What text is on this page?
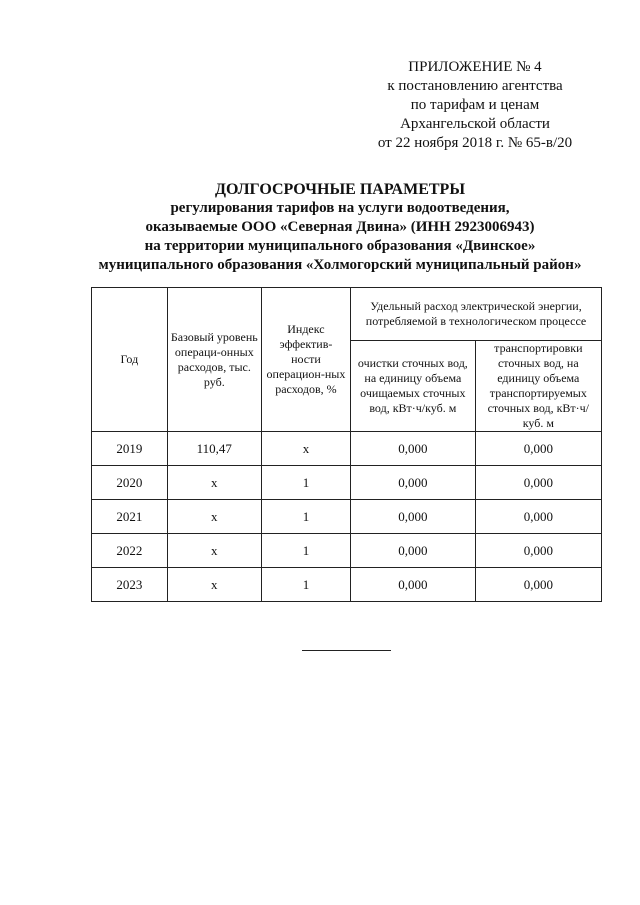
ПРИЛОЖЕНИЕ № 4
к постановлению агентства
по тарифам и ценам
Архангельской области
от 22 ноября 2018 г. № 65-в/20
ДОЛГОСРОЧНЫЕ ПАРАМЕТРЫ
регулирования тарифов на услуги водоотведения,
оказываемые ООО «Северная Двина» (ИНН 2923006943)
на территории муниципального образования «Двинское»
муниципального образования «Холмогорский муниципальный район»
Год	Базовый уровень операци-онных расходов, тыс. руб.	Индекс эффектив-ности операцион-ных расходов, %	Удельный расход электрической энергии, потребляемой в технологическом процессе	
			очистки сточных вод, на единицу объема очищаемых сточных вод, кВт·ч/куб. м	транспортировки сточных вод, на единицу объема транспортируемых сточных вод, кВт·ч/куб. м
2019	110,47	х	0,000	0,000
2020	х	1	0,000	0,000
2021	х	1	0,000	0,000
2022	х	1	0,000	0,000
2023	х	1	0,000	0,000
